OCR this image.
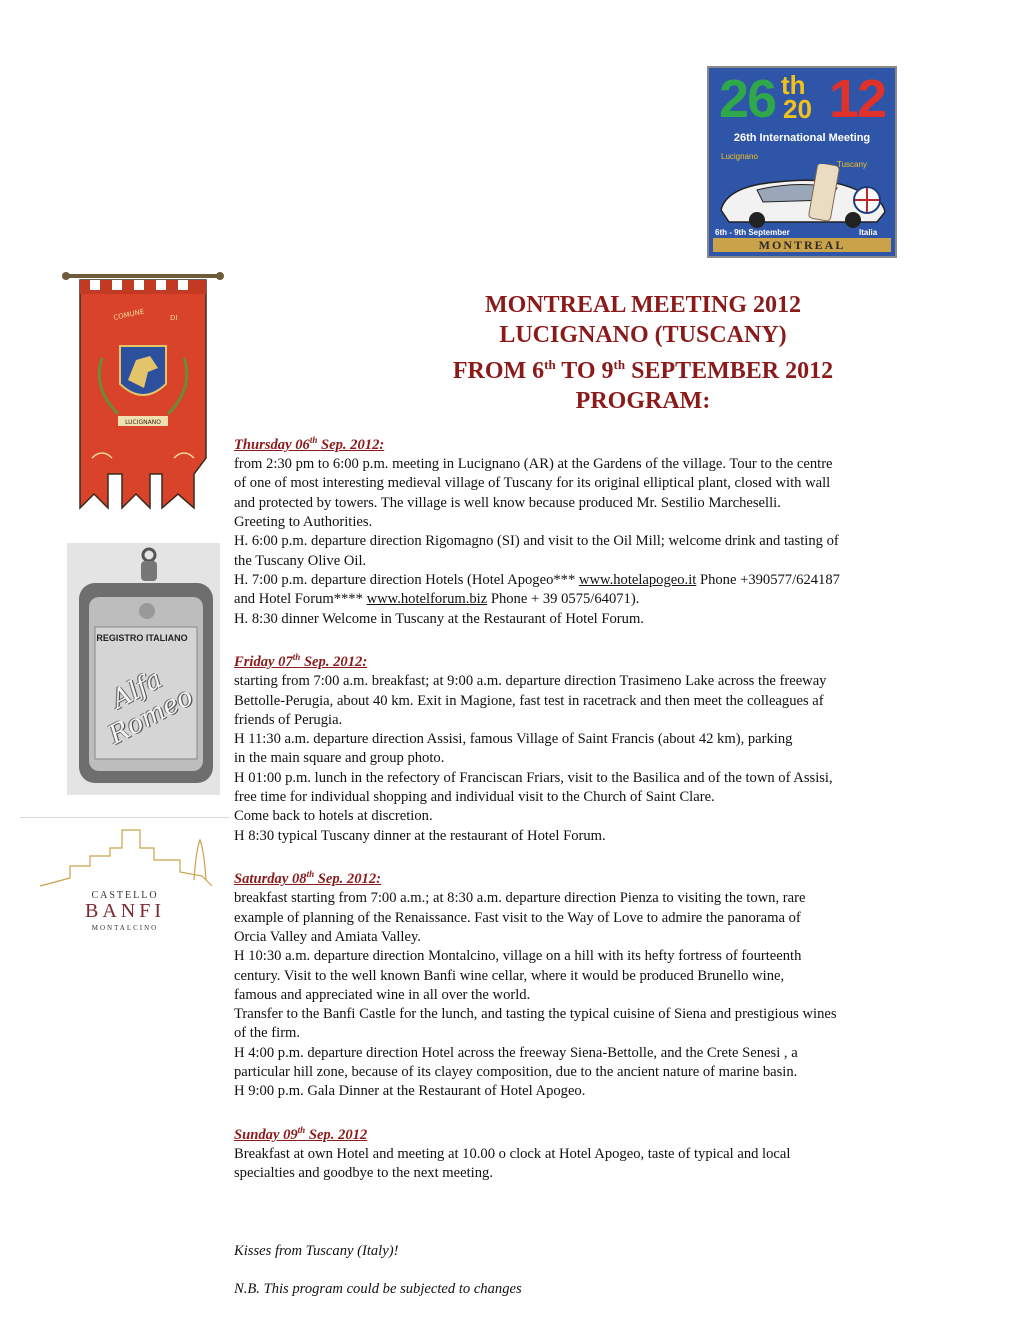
26 th
20 12
26th International Meeting
Lucignano
Tuscany
6th - 9th September	Italia
MONTREAL
COMUNE	DI
LUCIGNANO
REGISTRO ITALIANO
Alfa Romeo
CASTELLO
BANFI
MONTALCINO
MONTREAL MEETING 2012
LUCIGNANO (TUSCANY)
FROM 6th TO 9th SEPTEMBER 2012
PROGRAM:
Thursday 06th Sep. 2012:
from 2:30 pm to 6:00 p.m. meeting in Lucignano (AR) at the Gardens of the village. Tour to the centre
of one of most interesting medieval village of Tuscany for its original elliptical plant, closed with wall
and protected by towers. The village is well know because produced Mr. Sestilio Marcheselli.
Greeting to Authorities.
H. 6:00 p.m. departure direction Rigomagno (SI) and visit to the Oil Mill; welcome drink and tasting of
the Tuscany Olive Oil.
H. 7:00 p.m. departure direction Hotels (Hotel Apogeo*** www.hotelapogeo.it Phone +390577/624187
and Hotel Forum**** www.hotelforum.biz Phone + 39 0575/64071).
H. 8:30 dinner Welcome in Tuscany at the Restaurant of Hotel Forum.
Friday 07th Sep. 2012:
starting from 7:00 a.m. breakfast; at 9:00 a.m. departure direction Trasimeno Lake across the freeway
Bettolle-Perugia, about 40 km. Exit in Magione, fast test in racetrack and then meet the colleagues af
friends of Perugia.
H 11:30 a.m. departure direction Assisi, famous Village of Saint Francis (about 42 km), parking
in the main square and group photo.
H 01:00 p.m. lunch in the refectory of Franciscan Friars, visit to the Basilica and of the town of Assisi,
free time for individual shopping and individual visit to the Church of Saint Clare.
Come back to hotels at discretion.
H 8:30 typical Tuscany dinner at the restaurant of Hotel Forum.
Saturday 08th Sep. 2012:
breakfast starting from 7:00 a.m.; at 8:30 a.m. departure direction Pienza to visiting the town, rare
example of planning of the Renaissance. Fast visit to the Way of Love to admire the panorama of
Orcia Valley and Amiata Valley.
H 10:30 a.m. departure direction Montalcino, village on a hill with its hefty fortress of fourteenth
century. Visit to the well known Banfi wine cellar, where it would be produced Brunello wine,
famous and appreciated wine in all over the world.
Transfer to the Banfi Castle for the lunch, and tasting the typical cuisine of Siena and prestigious wines
of the firm.
H 4:00 p.m. departure direction Hotel across the freeway Siena-Bettolle, and the Crete Senesi , a
particular hill zone, because of its clayey composition, due to the ancient nature of marine basin.
H 9:00 p.m. Gala Dinner at the Restaurant of Hotel Apogeo.
Sunday 09th Sep. 2012
Breakfast at own Hotel and meeting at 10.00 o clock at Hotel Apogeo, taste of typical and local
specialties and goodbye to the next meeting.
Kisses from Tuscany (Italy)!
N.B. This program could be subjected to changes
